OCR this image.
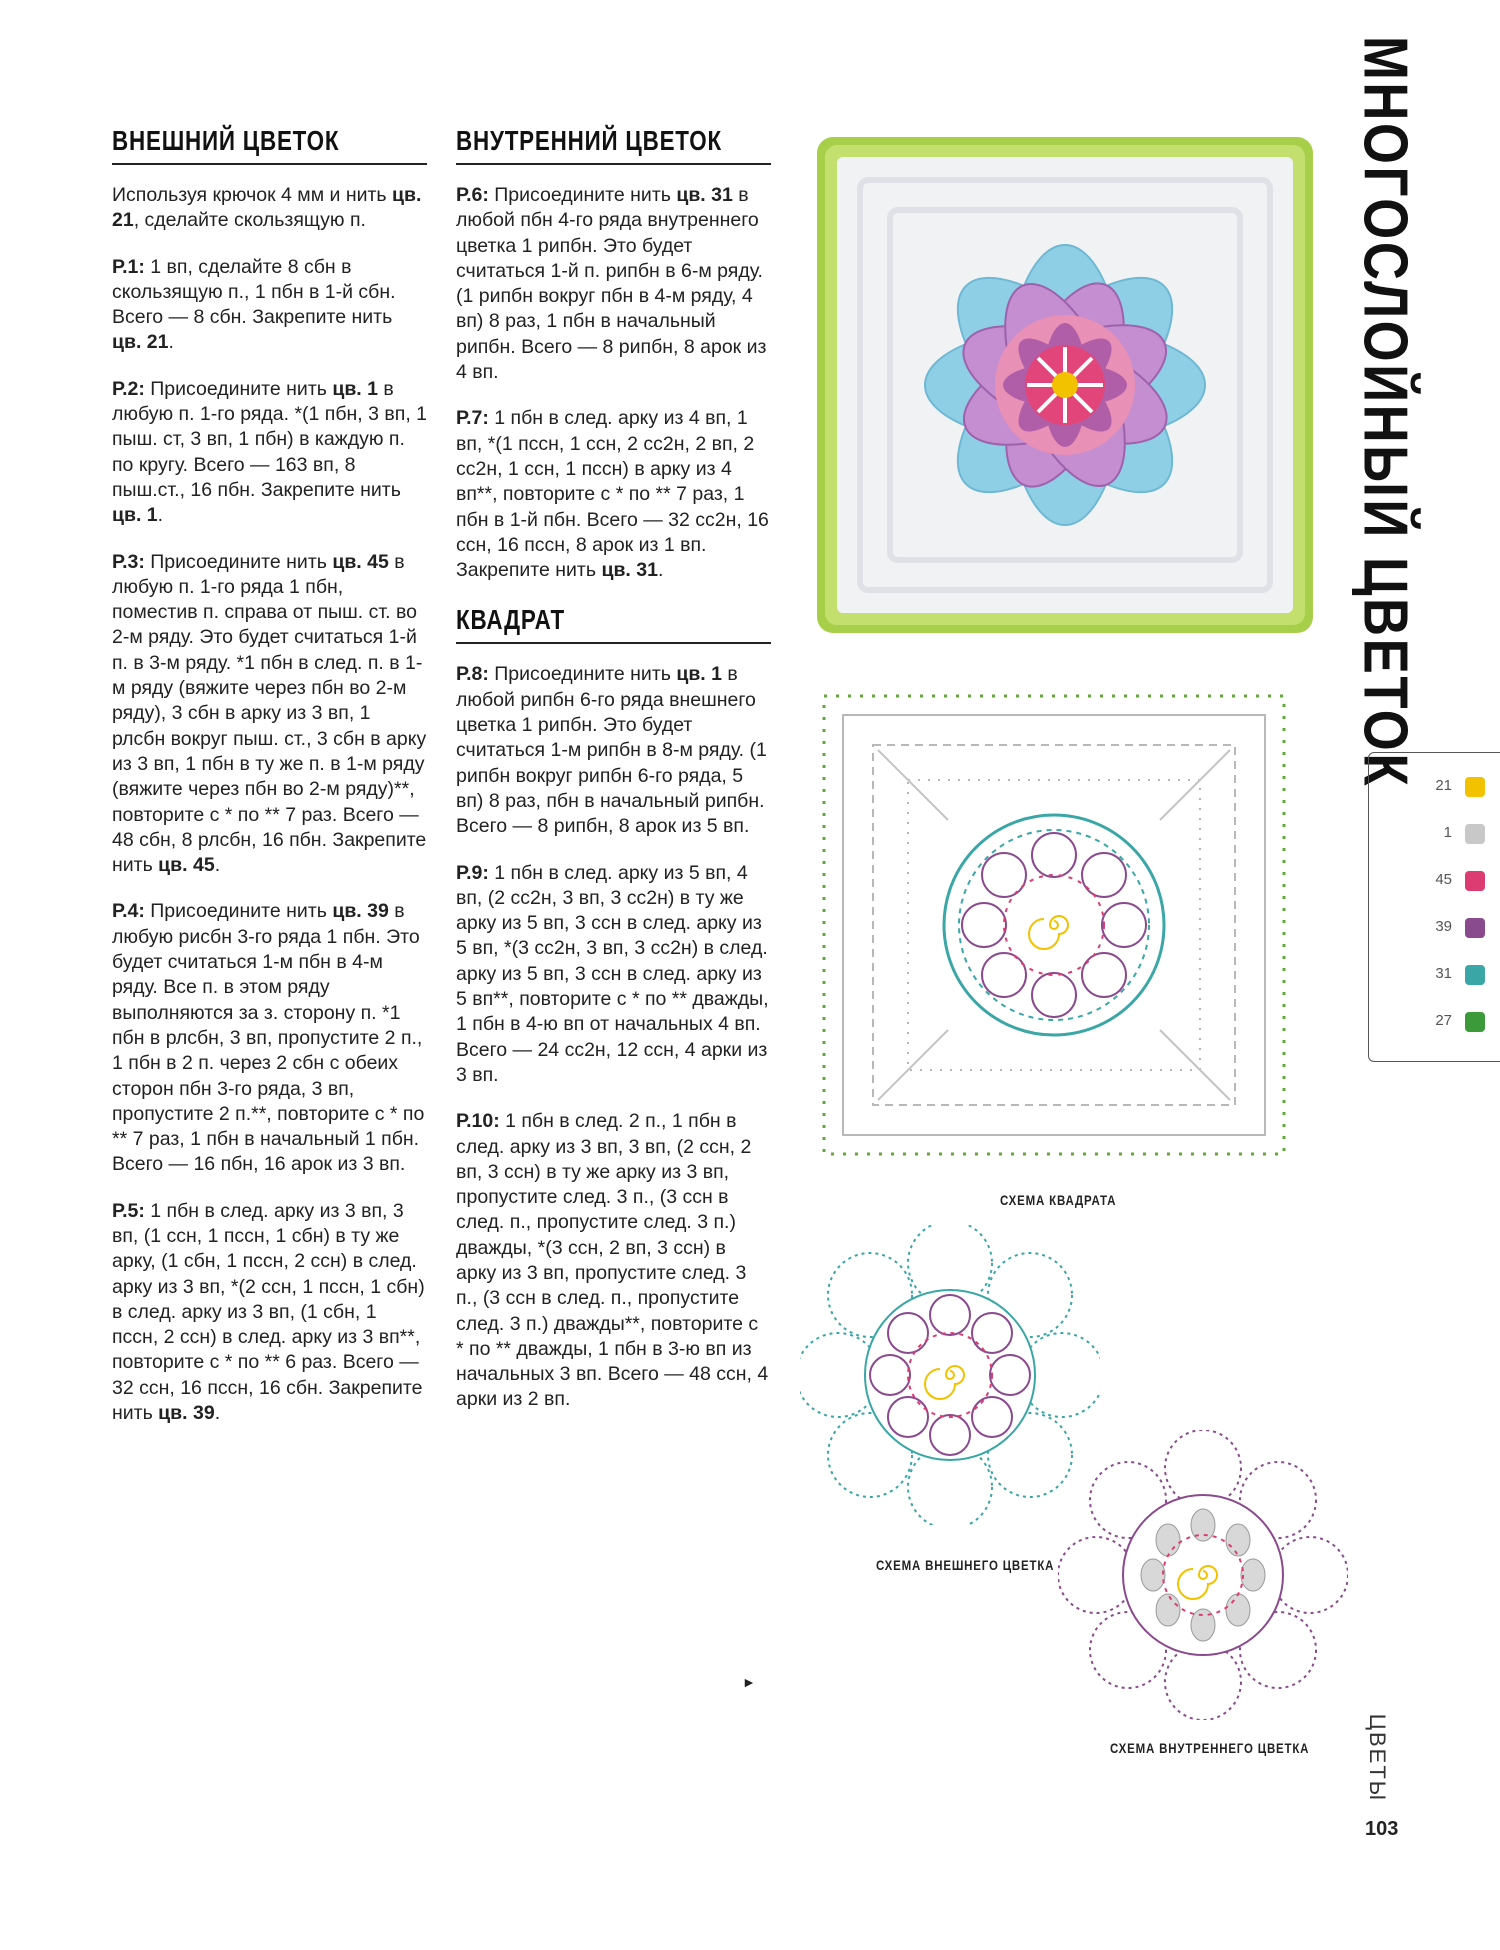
ВНЕШНИЙ ЦВЕТОК
Используя крючок 4 мм и нить цв. 21, сделайте скользящую п.
Р.1: 1 вп, сделайте 8 сбн в скользящую п., 1 пбн в 1-й сбн. Всего — 8 сбн. Закрепите нить цв. 21.
Р.2: Присоедините нить цв. 1 в любую п. 1-го ряда. *(1 пбн, 3 вп, 1 пыш. ст, 3 вп, 1 пбн) в каждую п. по кругу. Всего — 163 вп, 8 пыш.ст., 16 пбн. Закрепите нить цв. 1.
Р.3: Присоедините нить цв. 45 в любую п. 1-го ряда 1 пбн, поместив п. справа от пыш. ст. во 2-м ряду. Это будет считаться 1-й п. в 3-м ряду. *1 пбн в след. п. в 1-м ряду (вяжите через пбн во 2-м ряду), 3 сбн в арку из 3 вп, 1 рлсбн вокруг пыш. ст., 3 сбн в арку из 3 вп, 1 пбн в ту же п. в 1-м ряду (вяжите через пбн во 2-м ряду)**, повторите с * по ** 7 раз. Всего — 48 сбн, 8 рлсбн, 16 пбн. Закрепите нить цв. 45.
Р.4: Присоедините нить цв. 39 в любую рисбн 3-го ряда 1 пбн. Это будет считаться 1-м пбн в 4-м ряду. Все п. в этом ряду выполняются за з. сторону п. *1 пбн в рлсбн, 3 вп, пропустите 2 п., 1 пбн в 2 п. через 2 сбн с обеих сторон пбн 3-го ряда, 3 вп, пропустите 2 п.**, повторите с * по ** 7 раз, 1 пбн в начальный 1 пбн. Всего — 16 пбн, 16 арок из 3 вп.
Р.5: 1 пбн в след. арку из 3 вп, 3 вп, (1 ссн, 1 пссн, 1 сбн) в ту же арку, (1 сбн, 1 пссн, 2 ссн) в след. арку из 3 вп, *(2 ссн, 1 пссн, 1 сбн) в след. арку из 3 вп, (1 сбн, 1 пссн, 2 ссн) в след. арку из 3 вп**, повторите с * по ** 6 раз. Всего — 32 ссн, 16 пссн, 16 сбн. Закрепите нить цв. 39.
ВНУТРЕННИЙ ЦВЕТОК
Р.6: Присоедините нить цв. 31 в любой пбн 4-го ряда внутреннего цветка 1 рипбн. Это будет считаться 1-й п. рипбн в 6-м ряду. (1 рипбн вокруг пбн в 4-м ряду, 4 вп) 8 раз, 1 пбн в начальный рипбн. Всего — 8 рипбн, 8 арок из 4 вп.
Р.7: 1 пбн в след. арку из 4 вп, 1 вп, *(1 пссн, 1 ссн, 2 сс2н, 2 вп, 2 сс2н, 1 ссн, 1 пссн) в арку из 4 вп**, повторите с * по ** 7 раз, 1 пбн в 1-й пбн. Всего — 32 сс2н, 16 ссн, 16 пссн, 8 арок из 1 вп. Закрепите нить цв. 31.
КВАДРАТ
Р.8: Присоедините нить цв. 1 в любой рипбн 6-го ряда внешнего цветка 1 рипбн. Это будет считаться 1-м рипбн в 8-м ряду. (1 рипбн вокруг рипбн 6-го ряда, 5 вп) 8 раз, пбн в начальный рипбн. Всего — 8 рипбн, 8 арок из 5 вп.
Р.9: 1 пбн в след. арку из 5 вп, 4 вп, (2 сс2н, 3 вп, 3 сс2н) в ту же арку из 5 вп, 3 ссн в след. арку из 5 вп, *(3 сс2н, 3 вп, 3 сс2н) в след. арку из 5 вп, 3 ссн в след. арку из 5 вп**, повторите с * по ** дважды, 1 пбн в 4-ю вп от начальных 4 вп. Всего — 24 сс2н, 12 ссн, 4 арки из 3 вп.
Р.10: 1 пбн в след. 2 п., 1 пбн в след. арку из 3 вп, 3 вп, (2 ссн, 2 вп, 3 ссн) в ту же арку из 3 вп, пропустите след. 3 п., (3 ссн в след. п., пропустите след. 3 п.) дважды, *(3 ссн, 2 вп, 3 ссн) в арку из 3 вп, пропустите след. 3 п., (3 ссн в след. п., пропустите след. 3 п.) дважды**, повторите с * по ** дважды, 1 пбн в 3-ю вп из начальных 3 вп. Всего — 48 ссн, 4 арки из 2 вп.
►
СХЕМА КВАДРАТА
СХЕМА ВНЕШНЕГО ЦВЕТКА
СХЕМА ВНУТРЕННЕГО ЦВЕТКА
МНОГОСЛОЙНЫЙ ЦВЕТОК 21
1
45
39
31
27
ЦВЕТЫ
103
